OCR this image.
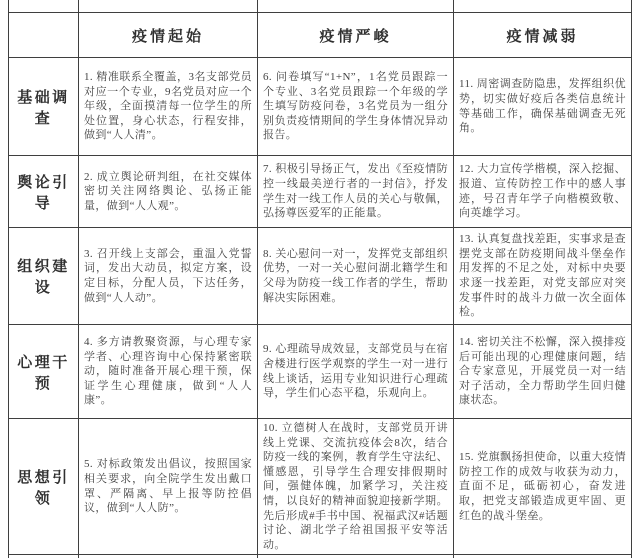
	疫情起始	疫情严峻	疫情减弱
基础调查	1. 精准联系全覆盖，3名支部党员对应一个专业，9名党员对应一个年级，全面摸清每一位学生的所处位置，身心状态，行程安排，做到“人人清”。	6. 问卷填写“1+N”，1名党员跟踪一个专业、3名党员跟踪一个年级的学生填写防疫问卷，3名党员为一组分别负责疫情期间的学生身体情况异动报告。	11. 周密调查防隐患，发挥组织优势，切实做好疫后各类信息统计等基础工作，确保基础调查无死角。
舆论引导	2. 成立舆论研判组，在社交媒体密切关注网络舆论、弘扬正能量，做到“人人观”。	7. 积极引导扬正气，发出《至疫情防控一线最美逆行者的一封信》，抒发学生对一线工作人员的关心与敬佩，弘扬尊医爱军的正能量。	12. 大力宣传学楷模，深入挖掘、报道、宣传防控工作中的感人事迹，号召青年学子向楷模致敬、向英雄学习。
组织建设	3. 召开线上支部会，重温入党誓词，发出大动员，拟定方案，设定目标，分配人员，下达任务，做到“人人动”。	8. 关心慰问一对一，发挥党支部组织优势，一对一关心慰问湖北籍学生和父母为防疫一线工作者的学生，帮助解决实际困难。	13. 认真复盘找差距，实事求是查摆党支部在防疫期间战斗堡垒作用发挥的不足之处，对标中央要求逐一找差距，对党支部应对突发事件时的战斗力做一次全面体检。
心理干预	4. 多方请教聚资源，与心理专家学者、心理咨询中心保持紧密联动，随时准备开展心理干预，保证学生心理健康，做到“人人康”。	9. 心理疏导成效显，支部党员与在宿舍楼进行医学观察的学生一对一进行线上谈话，运用专业知识进行心理疏导，学生们心态平稳，乐观向上。	14. 密切关注不松懈，深入摸排疫后可能出现的心理健康问题，结合专家意见，开展党员一对一结对子活动，全力帮助学生回归健康状态。
思想引领	5. 对标政策发出倡议，按照国家相关要求，向全院学生发出戴口罩、严隔离、早上报等防控倡议，做到“人人防”。	10. 立德树人在战时，支部党员开讲线上党课、交流抗疫体会8次，结合防疫一线的案例，教育学生守法纪、懂感恩，引导学生合理安排假期时间，强健体魄，加紧学习，关注疫情，以良好的精神面貌迎接新学期。先后形成#手书中国、祝福武汉#话题讨论、湖北学子给祖国报平安等活动。	15. 党旗飘扬担使命，以重大疫情防控工作的成效与收获为动力，直面不足，砥砺初心，奋发进取，把党支部锻造成更牢固、更红色的战斗堡垒。
